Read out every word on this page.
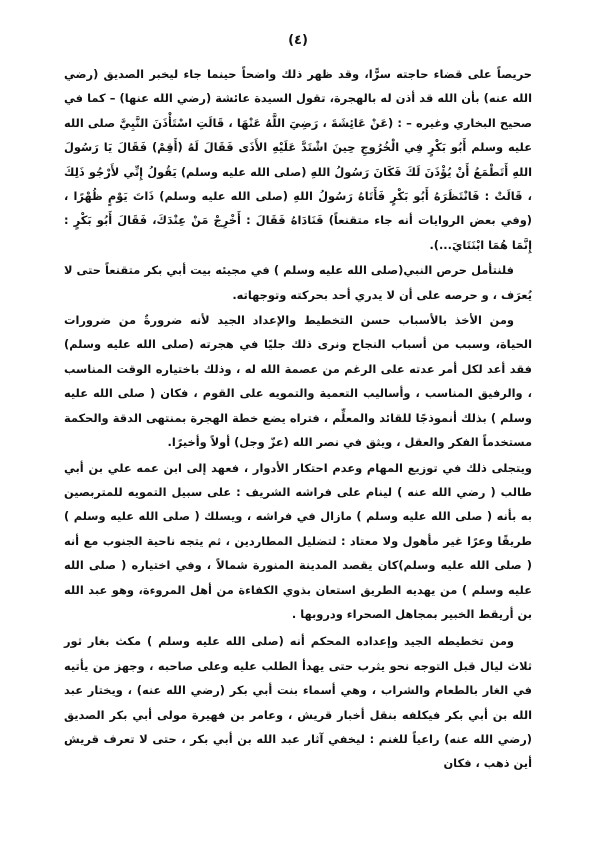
(٤)

حريصاً على قضاء حاجته سرًّا، وقد ظهر ذلك واضحاً حينما جاء ليخبر الصديق (رضي الله عنه) بأن الله قد أذن له بالهجرة، تقول السيدة عائشة (رضي الله عنها) – كما في صحيح البخاري وغيره – : (عَنْ عَائِشَةَ ، رَضِيَ اللَّهُ عَنْهَا ، قَالَتِ اسْتَأْذَنَ النَّبِيَّ صلى الله عليه وسلم أَبُو بَكْرٍ فِي الْخُرُوجِ حِينَ اشْتَدَّ عَلَيْهِ الأَذَى فَقَالَ لَهُ (أَقِمْ) فَقَالَ يَا رَسُولَ اللهِ أَتَطْمَعُ أَنْ يُؤْذَنَ لَكَ فَكَانَ رَسُولُ اللهِ (صلى الله عليه وسلم) يَقُولُ إِنِّي لأَرْجُو ذَلِكَ ، قَالَتْ : فَانْتَظَرَهُ أَبُو بَكْرٍ فَأَتَاهُ رَسُولُ اللهِ (صلى الله عليه وسلم) ذَاتَ يَوْمٍ ظُهْرًا ،(وفي بعض الروايات أنه جاء متقنعاً) فَنَادَاهُ فَقَالَ : أَخْرِجْ مَنْ عِنْدَكَ، فَقَالَ أَبُو بَكْرٍ : إِنَّمَا هُمَا ابْنَتَايَ...).

فلنتأمل حرص النبي(صلى الله عليه وسلم ) في مجيئه بيت أبي بكر متقنعاً حتى لا يُعرَف ، و حرصه على أن لا يدري أحد بحركته وتوجهاته.

ومن الأخذ بالأسباب حسن التخطيط والإعداد الجيد لأنه ضرورةٌ من ضرورات الحياة، وسبب من أسباب النجاح ونرى ذلك جليًا في هجرته (صلى الله عليه وسلم) فقد أعد لكل أمر عدته على الرغم من عصمة الله له ، وذلك باختياره الوقت المناسب ، والرفيق المناسب ، وأساليب التعمية والتمويه على القوم ، فكان ( صلى الله عليه وسلم ) بذلك أنموذجًا للقائد والمعلِّم ، فتراه يضع خطة الهجرة بمنتهى الدقة والحكمة مستخدماً الفكر والعقل ، ويثق في نصر الله (عزّ وجل) أولاً وأخيرًا.

ويتجلى ذلك في توزيع المهام وعدم احتكار الأدوار ، فعهد إلى ابن عمه علي بن أبي طالب ( رضي الله عنه ) لينام على فراشه الشريف : على سبيل التمويه للمتربصين به بأنه ( صلى الله عليه وسلم ) مازال في فراشه ، ويسلك ( صلى الله عليه وسلم ) طريقًا وعرًا غير مأهول ولا معتاد : لتضليل المطاردين ، ثم يتجه ناحية الجنوب مع أنه ( صلى الله عليه وسلم)كان يقصد المدينة المنورة شمالاً ، وفي اختياره ( صلى الله عليه وسلم ) من يهديه الطريق استعان بذوي الكفاءة من أهل المروءة، وهو عبد الله بن أريقط الخبير بمجاهل الصحراء ودروبها .

ومن تخطيطه الجيد وإعداده المحكم أنه (صلى الله عليه وسلم ) مكث بغار ثور ثلاث ليال قبل التوجه نحو يثرب حتى يهدأ الطلب عليه وعلى صاحبه ، وجهز من يأتيه في الغار بالطعام والشراب ، وهي أسماء بنت أبي بكر (رضي الله عنه) ، ويختار عبد الله بن أبي بكر فيكلفه بنقل أخبار قريش ، وعامر بن فهيرة مولى أبي بكر الصديق (رضي الله عنه) راعياً للغنم : ليخفي آثار عبد الله بن أبي بكر ، حتى لا تعرف قريش أين ذهب ، فكان
